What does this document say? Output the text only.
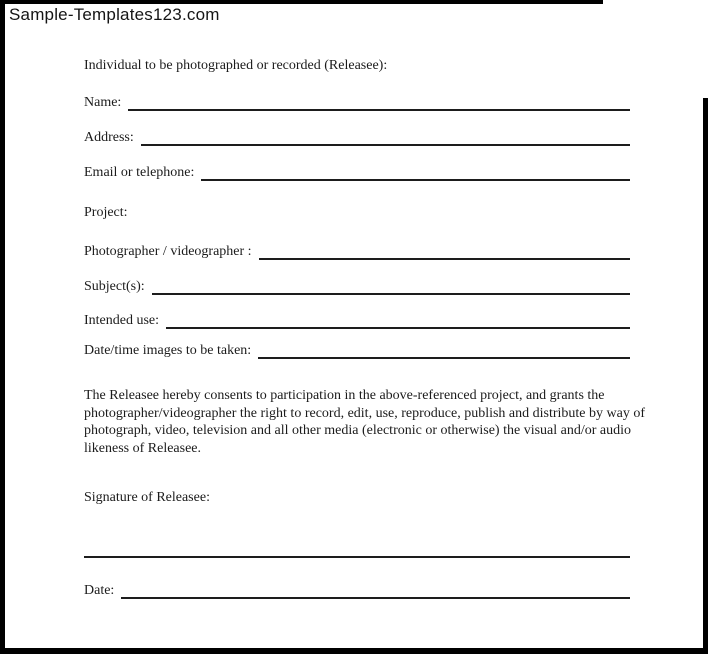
Sample-Templates123.com
Individual to be photographed or recorded (Releasee):
Name:
Address:
Email or telephone:
Project:
Photographer / videographer :
Subject(s):
Intended use:
Date/time images to be taken:
The Releasee hereby consents to participation in the above-referenced project, and grants the photographer/videographer the right to record, edit, use, reproduce, publish and distribute by way of photograph, video, television and all other media (electronic or otherwise) the visual and/or audio likeness of Releasee.
Signature of Releasee:
Date:
